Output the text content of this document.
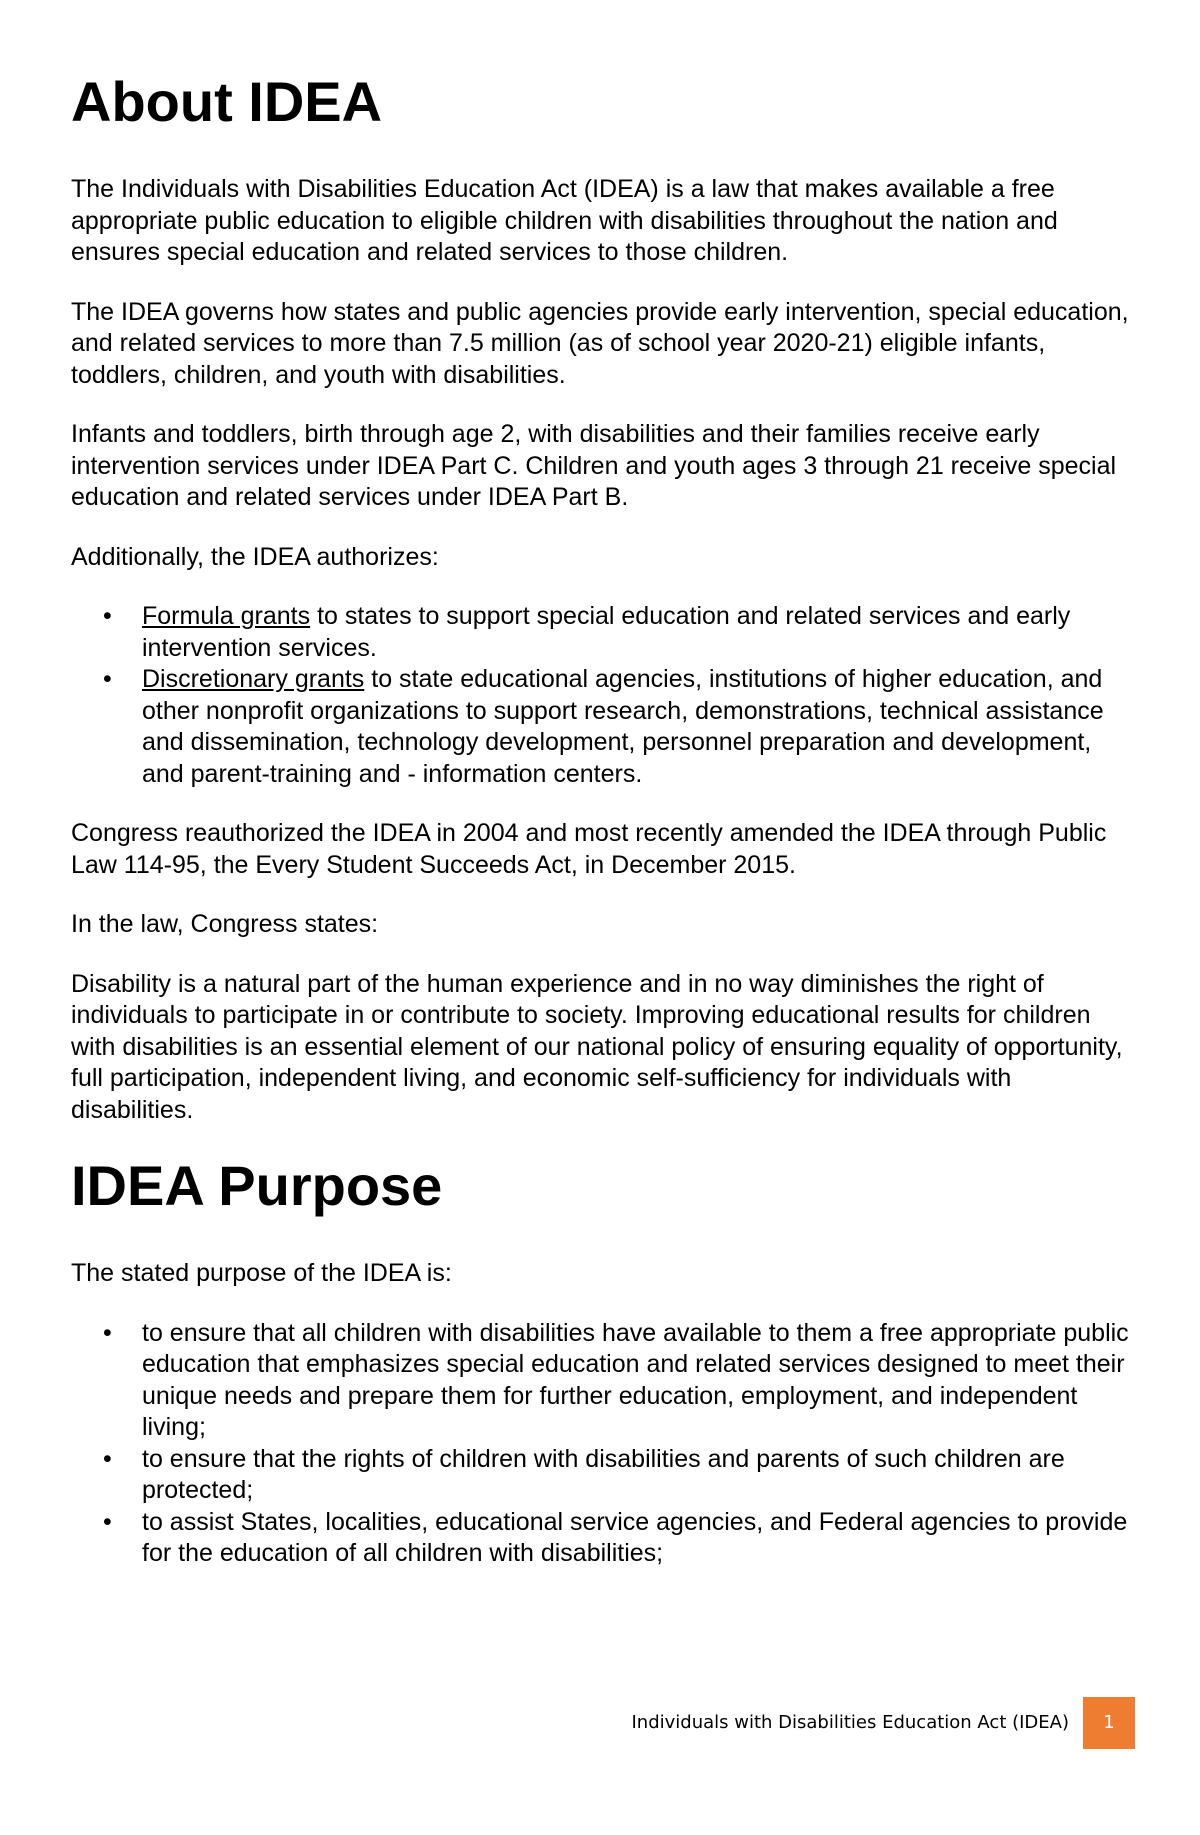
About IDEA

The Individuals with Disabilities Education Act (IDEA) is a law that makes available a free appropriate public education to eligible children with disabilities throughout the nation and ensures special education and related services to those children.

The IDEA governs how states and public agencies provide early intervention, special education, and related services to more than 7.5 million (as of school year 2020-21) eligible infants, toddlers, children, and youth with disabilities.

Infants and toddlers, birth through age 2, with disabilities and their families receive early intervention services under IDEA Part C. Children and youth ages 3 through 21 receive special education and related services under IDEA Part B.

Additionally, the IDEA authorizes:

• Formula grants to states to support special education and related services and early intervention services.
• Discretionary grants to state educational agencies, institutions of higher education, and other nonprofit organizations to support research, demonstrations, technical assistance and dissemination, technology development, personnel preparation and development, and parent-training and - information centers.

Congress reauthorized the IDEA in 2004 and most recently amended the IDEA through Public Law 114-95, the Every Student Succeeds Act, in December 2015.

In the law, Congress states:

Disability is a natural part of the human experience and in no way diminishes the right of individuals to participate in or contribute to society. Improving educational results for children with disabilities is an essential element of our national policy of ensuring equality of opportunity, full participation, independent living, and economic self-sufficiency for individuals with disabilities.

IDEA Purpose

The stated purpose of the IDEA is:

• to ensure that all children with disabilities have available to them a free appropriate public education that emphasizes special education and related services designed to meet their unique needs and prepare them for further education, employment, and independent living;
• to ensure that the rights of children with disabilities and parents of such children are protected;
• to assist States, localities, educational service agencies, and Federal agencies to provide for the education of all children with disabilities;
Individuals with Disabilities Education Act (IDEA)	1
